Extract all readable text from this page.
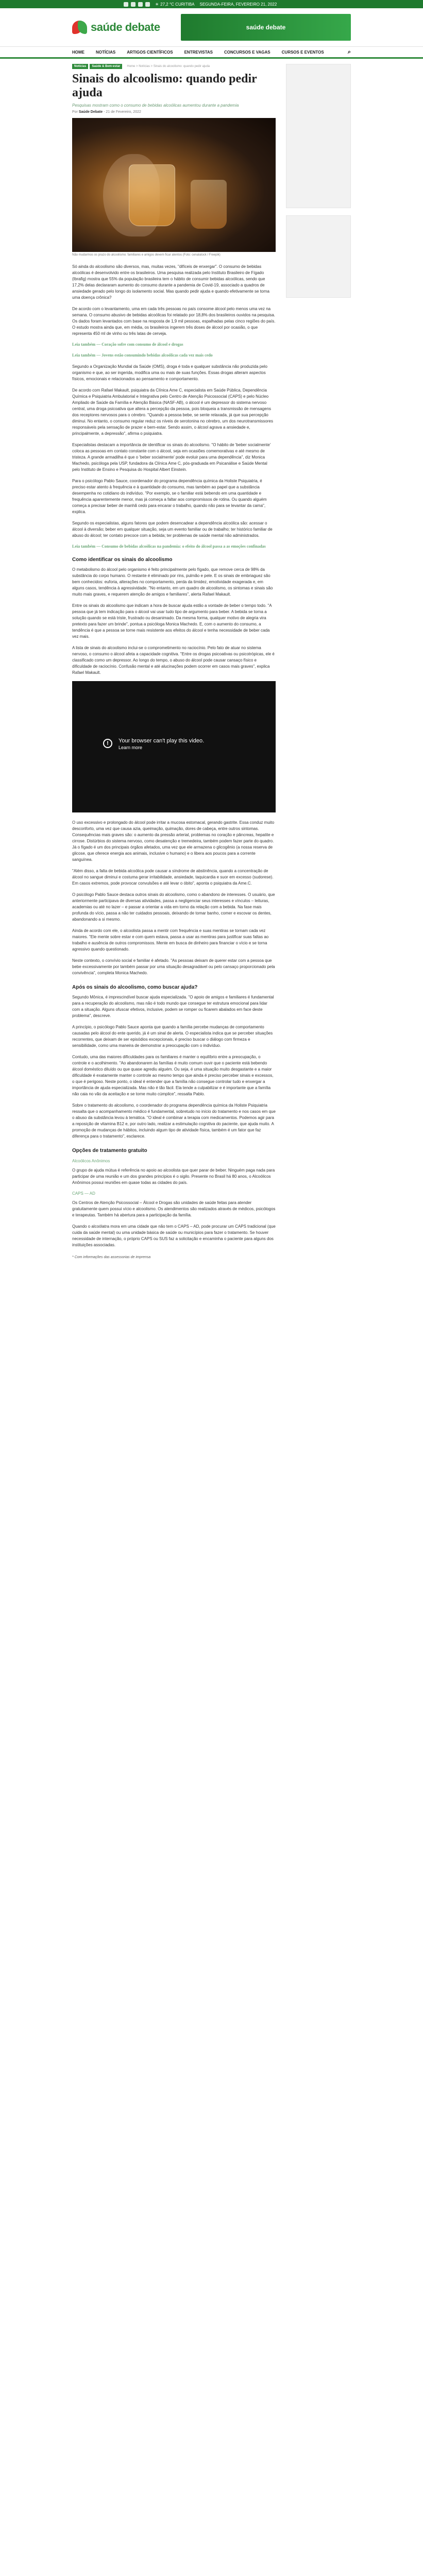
☀ 27,2 °C CURITIBA SEGUNDA-FEIRA, FEVEREIRO 21, 2022
saúde debate	saúde debate
HOME	NOTÍCIAS	ARTIGOS CIENTÍFICOS	ENTREVISTAS	CONCURSOS E VAGAS	CURSOS E EVENTOS	⌕
Notícias	Saúde & Bem-estar	Home > Notícias > Sinais do alcoolismo: quando pedir ajuda
Sinais do alcoolismo: quando pedir ajuda
Pesquisas mostram como o consumo de bebidas alcoólicas aumentou durante a pandemia
Por Saúde Debate - 21 de Fevereiro, 2022
Não mudarmos os prazo do alcoolismo: familiares e amigos devem ficar atentos (Foto: cenalatock / Freepik)

Só ainda do alcoolismo são diversos, mas, muitas vezes, "difíceis de enxergar". O consumo de bebidas alcoólicas é desenvolvido entre os brasileiros. Uma pesquisa realizada pelo Instituto Brasileiro de Fígado (Ibrafig) mostra que 55% da população brasileira tem o hábito de consumir bebidas alcoólicas, sendo que 17,2% delas declararam aumento do consumo durante a pandemia de Covid-19, associado a quadros de ansiedade gerado pelo longo do isolamento social. Mas quando pedir ajuda e quando efetivamente se torna uma doença crônica?

De acordo com o levantamento, uma em cada três pessoas no país consome álcool pelo menos uma vez na semana. O consumo abusivo de bebidas alcoólicas foi relatado por 18,8% dos brasileiros ouvidos na pesquisa. Os dados foram levantados com base na resposta de 1,9 mil pessoas, espalhadas pelas cinco regiões do país. O estudo mostra ainda que, em média, os brasileiros ingerem três doses de álcool por ocasião, o que representa 450 ml de vinho ou três latas de cerveja.

Leia também — Coração sofre com consumo de álcool e drogas
Leia também — Jovens estão consumindo bebidas alcoólicas cada vez mais cedo

Segundo a Organização Mundial da Saúde (OMS), droga é toda e qualquer substância não produzida pelo organismo e que, ao ser ingerida, modifica uma ou mais de suas funções. Essas drogas alteram aspectos físicos, emocionais e relacionados ao pensamento e comportamento.

De acordo com Rafael Makault, psiquiatra da Clínica Ame C, especialista em Saúde Pública, Dependência Química e Psiquiatria Ambulatorial e Integrativa pelo Centro de Atenção Psicossocial (CAPS) e pelo Núcleo Ampliado de Saúde da Família e Atenção Básica (NASF-AB), o álcool é um depressor do sistema nervoso central, uma droga psicoativa que altera a percepção da pessoa, pois bloqueia a transmissão de mensagens dos receptores nervosos para o cérebro. "Quando a pessoa bebe, se sente relaxada, já que sua percepção diminui. No entanto, o consumo regular reduz os níveis de serotonina no cérebro, um dos neurotransmissores responsáveis pela sensação de prazer e bem-estar. Sendo assim, o álcool agrava a ansiedade e, principalmente, a depressão", afirma o psiquiatra.

Especialistas destacam a importância de identificar os sinais do alcoolismo. "O hábito de 'beber socialmente' coloca as pessoas em contato constante com o álcool, seja em ocasiões comemorativas e até mesmo de tristeza. A grande armadilha é que o 'beber socialmente' pode evoluir para uma dependência", diz Monica Machedo, psicóloga pela USP, fundadora da Clínica Ame C, pós-graduada em Psicanálise e Saúde Mental pelo Instituto de Ensino e Pesquisa do Hospital Albert Einstein.

Para o psicólogo Pablo Sauce, coordenador do programa dependência química da Holiste Psiquiatria, é preciso estar atento à frequência e à quantidade do consumo, mas também ao papel que a substância desempenha no cotidiano do indivíduo. "Por exemplo, se o familiar está bebendo em uma quantidade e frequência aparentemente menor, mas já começa a faltar aos compromissos de rotina. Ou quando alguém começa a precisar beber de manhã cedo para encarar o trabalho, quando não para se levantar da cama", explica.

Segundo os especialistas, alguns fatores que podem desencadear a dependência alcoólica são: acessar o álcool à diversão; beber em qualquer situação, seja um evento familiar ou de trabalho; ter histórico familiar de abuso do álcool; ter contato precoce com a bebida; ter problemas de saúde mental não administrados.

Leia também — Consumo de bebidas alcoólicas na pandemia: o efeito do álcool passa a as emoções confinadas
Como identificar os sinais do alcoolismo

O metabolismo do álcool pelo organismo é feito principalmente pelo fígado, que remove cerca de 98% da substância do corpo humano. O restante é eliminado por rins, pulmão e pele. E os sinais de embriaguez são bem conhecidos: euforia, alterações no comportamento, perda da timidez, emotividade exagerada e, em alguns casos, tendência à agressividade. "No entanto, em um quadro de alcoolismo, os sintomas e sinais são muito mais graves, e requerem atenção de amigos e familiares", alerta Rafael Makault.

Entre os sinais do alcoolismo que indicam a hora de buscar ajuda estão a vontade de beber o tempo todo. "A pessoa que já tem indicação para o álcool vai usar tudo tipo de argumento para beber. A bebida se torna a solução quando se está triste, frustrado ou desanimado. Da mesma forma, qualquer motivo de alegria vira pretexto para fazer um brinde", pontua a psicóloga Monica Machedo. E, com o aumento do consumo, a tendência é que a pessoa se torne mais resistente aos efeitos do álcool e tenha necessidade de beber cada vez mais.

A lista de sinais do alcoolismo inclui-se o comprometimento no raciocínio. Pelo fato de atuar no sistema nervoso, o consumo o álcool afeta a capacidade cognitiva. "Entre os drogas psicoativas ou psicotrópicas, ele é classificado como um depressor. Ao longo do tempo, o abuso do álcool pode causar cansaço físico e dificuldade de raciocínio. Confusão mental e até alucinações podem ocorrer em casos mais graves", explica Rafael Makault.

!	Your browser can't play this video.
Learn more

O uso excessivo e prolongado do álcool pode irritar a mucosa estomacal, gerando gastrite. Essa conduz muito desconforto, uma vez que causa azia, queimação, quimação, dores de cabeça, entre outros sintomas. Consequências mais graves são: o aumento da pressão arterial, problemas no coração e pâncreas, hepatite e cirrose. Distúrbios do sistema nervoso, como desatenção e tremedeira, também podem fazer parte do quadro. Já o fígado é um dos principais órgãos afetados, uma vez que ele armazena o glicogênio (a nossa reserva de glicose, que oferece energia aos animais, inclusive o humano) e o libera aos poucos para a corrente sanguínea.

"Além disso, a falta de bebida alcoólica pode causar a síndrome de abstinência, quando a concentração de álcool no sangue diminui e costuma gerar irritabilidade, ansiedade, taquicardia e suor em excesso (sudorese). Em casos extremos, pode provocar convulsões e até levar o óbito", aponta o psiquiatra da Ame.C.

O psicólogo Pablo Sauce destaca outros sinais do alcoolismo, como o abandono de interesses. O usuário, que anteriormente participava de diversas atividades, passa a negligenciar seus interesses e vínculos – leituras, academias ou até no lazer – e passar a orientar a vida em torno da relação com a bebida. Na fase mais profunda do vício, passa a não ter cuidados pessoais, deixando de tomar banho, comer e escovar os dentes, abandonando a si mesmo.

Ainda de acordo com ele, o alcoolista passa a mentir com frequência e suas mentiras se tornam cada vez maiores. "Ele mente sobre estar e com quem estava, passa a usar as mentiras para justificar suas faltas ao trabalho e ausência de outros compromissos. Mente em busca de dinheiro para financiar o vício e se torna agressivo quando questionado.

Neste contexto, o convívio social e familiar é afetado. "As pessoas deixam de querer estar com a pessoa que bebe excessivamente por também passar por uma situação desagradável ou pelo cansaço proporcionado pela convivência", completa Monica Machedo.

Após os sinais do alcoolismo, como buscar ajuda?

Segundo Mônica, é imprescindível buscar ajuda especializada. "O apoio de amigos e familiares é fundamental para a recuperação do alcoolismo, mas não é todo mundo que consegue ter estrutura emocional para lidar com a situação. Alguns ofuscar efetivos, inclusive, podem se romper ou ficarem abalados em face deste problema", descreve.

A princípio, o psicólogo Pablo Sauce aponta que quando a família percebe mudanças de comportamento causadas pelo álcool do ente querido, já é um sinal de alerta. O especialista indica que se perceber situações recorrentes, que deixam de ser episódios excepcionais, é preciso buscar o diálogo com firmeza e sensibilidade, como uma maneira de demonstrar a preocupação com o indivíduo.

Contudo, uma das maiores dificuldades para os familiares é manter o equilíbrio entre a preocupação, o controle e o acolhimento. "Ao abandonarem às famílias é muito comum ouvir que o paciente está bebendo álcool doméstico diluído ou que quase agrediu alguém. Ou seja, é uma situação muito desgastante e a maior dificuldade é exatamente manter o controle ao mesmo tempo que ainda é preciso perceber sinais e excessos, o que é perigoso. Neste ponto, o ideal é entender que a família não consegue controlar tudo e enxergar a importância de ajuda especializada. Mas não é tão fácil. Ela tende a culpabilizar e é importante que a família não caia no vão da aceitação e se torne muito cúmplice", ressalta Pablo.

Sobre o tratamento do alcoolismo, o coordenador do programa dependência química da Holiste Psiquiatria ressalta que o acompanhamento médico é fundamental, sobretudo no início do tratamento e nos casos em que o abuso da substância levou à temática. "O ideal é combinar a terapia com medicamentos. Podemos agir para a reposição de vitamina B12 e, por outro lado, realizar a estimulação cognitiva do paciente, que ajuda muito. A promoção de mudanças de hábitos, incluindo algum tipo de atividade física, também é um fator que faz diferença para o tratamento", esclarece.

Opções de tratamento gratuito
Alcoólicos Anônimos

O grupo de ajuda mútua é referência no apoio ao alcoolista que quer parar de beber. Ninguém paga nada para participar de uma reunião e um dos grandes princípios é o sigilo. Presente no Brasil há 80 anos, o Alcoólicos Anônimos possui reuniões em quase todas as cidades do país.

CAPS — AD

Os Centros de Atenção Psicossocial – Álcool e Drogas são unidades de saúde feitas para atender gratuitamente quem possui vício e alcoolismo. Os atendimentos são realizados através de médicos, psicólogos e terapeutas. Também há abertura para a participação da família.

Quando o alcoólatra mora em uma cidade que não tem o CAPS – AD, pode procurar um CAPS tradicional (que cuida da saúde mental) ou uma unidade básica de saúde ou municípios para fazer o tratamento. Se houver necessidade de internação, o próprio CAPS ou SUS faz a solicitação e encaminha o paciente para alguns dos instituições associadas.

* Com informações das assessorias de imprensa
